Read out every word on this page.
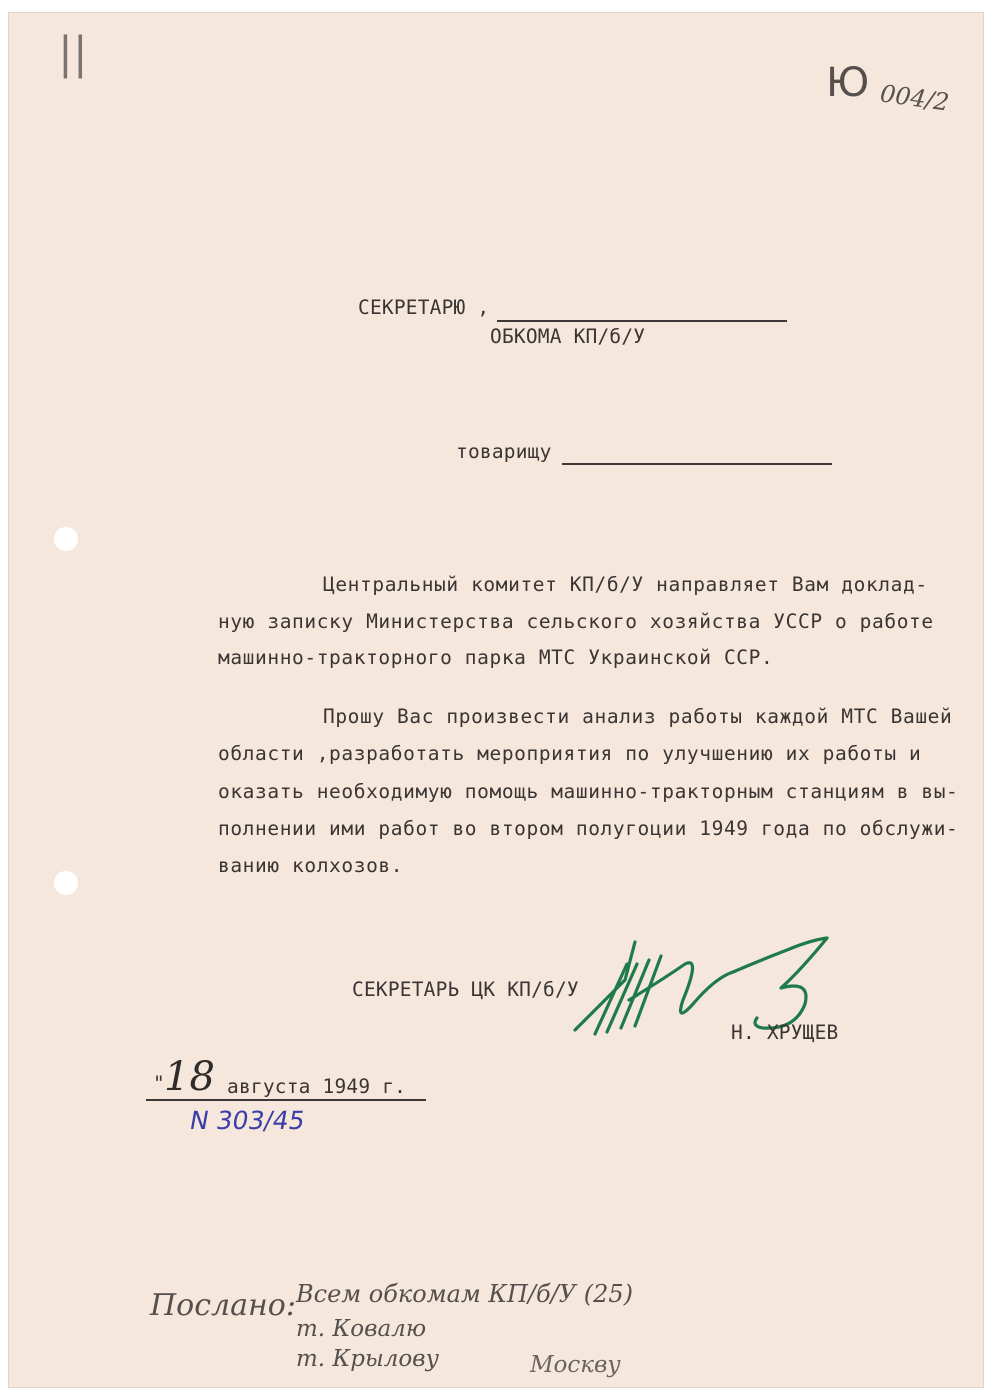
||
Ю 004/2
СЕКРЕТАРЮ ,
ОБКОМА КП/б/У
товарищу
Центральный комитет КП/б/У направляет Вам доклад-
ную записку Министерства сельского хозяйства УССР о работе
машинно-тракторного парка МТС Украинской ССР.
Прошу Вас произвести анализ работы каждой МТС Вашей
области ,разработать мероприятия по улучшению их работы и
оказать необходимую помощь машинно-тракторным станциям в вы-
полнении ими работ во втором полугоции 1949 года по обслужи-
ванию колхозов.
СЕКРЕТАРЬ ЦК КП/б/У
Н. ХРУЩЕВ
" 18 августа 1949 г.
N 303/45
Послано: Всем обкомам КП/б/У (25)
т. Ковалю
т. Крылову	Москву
